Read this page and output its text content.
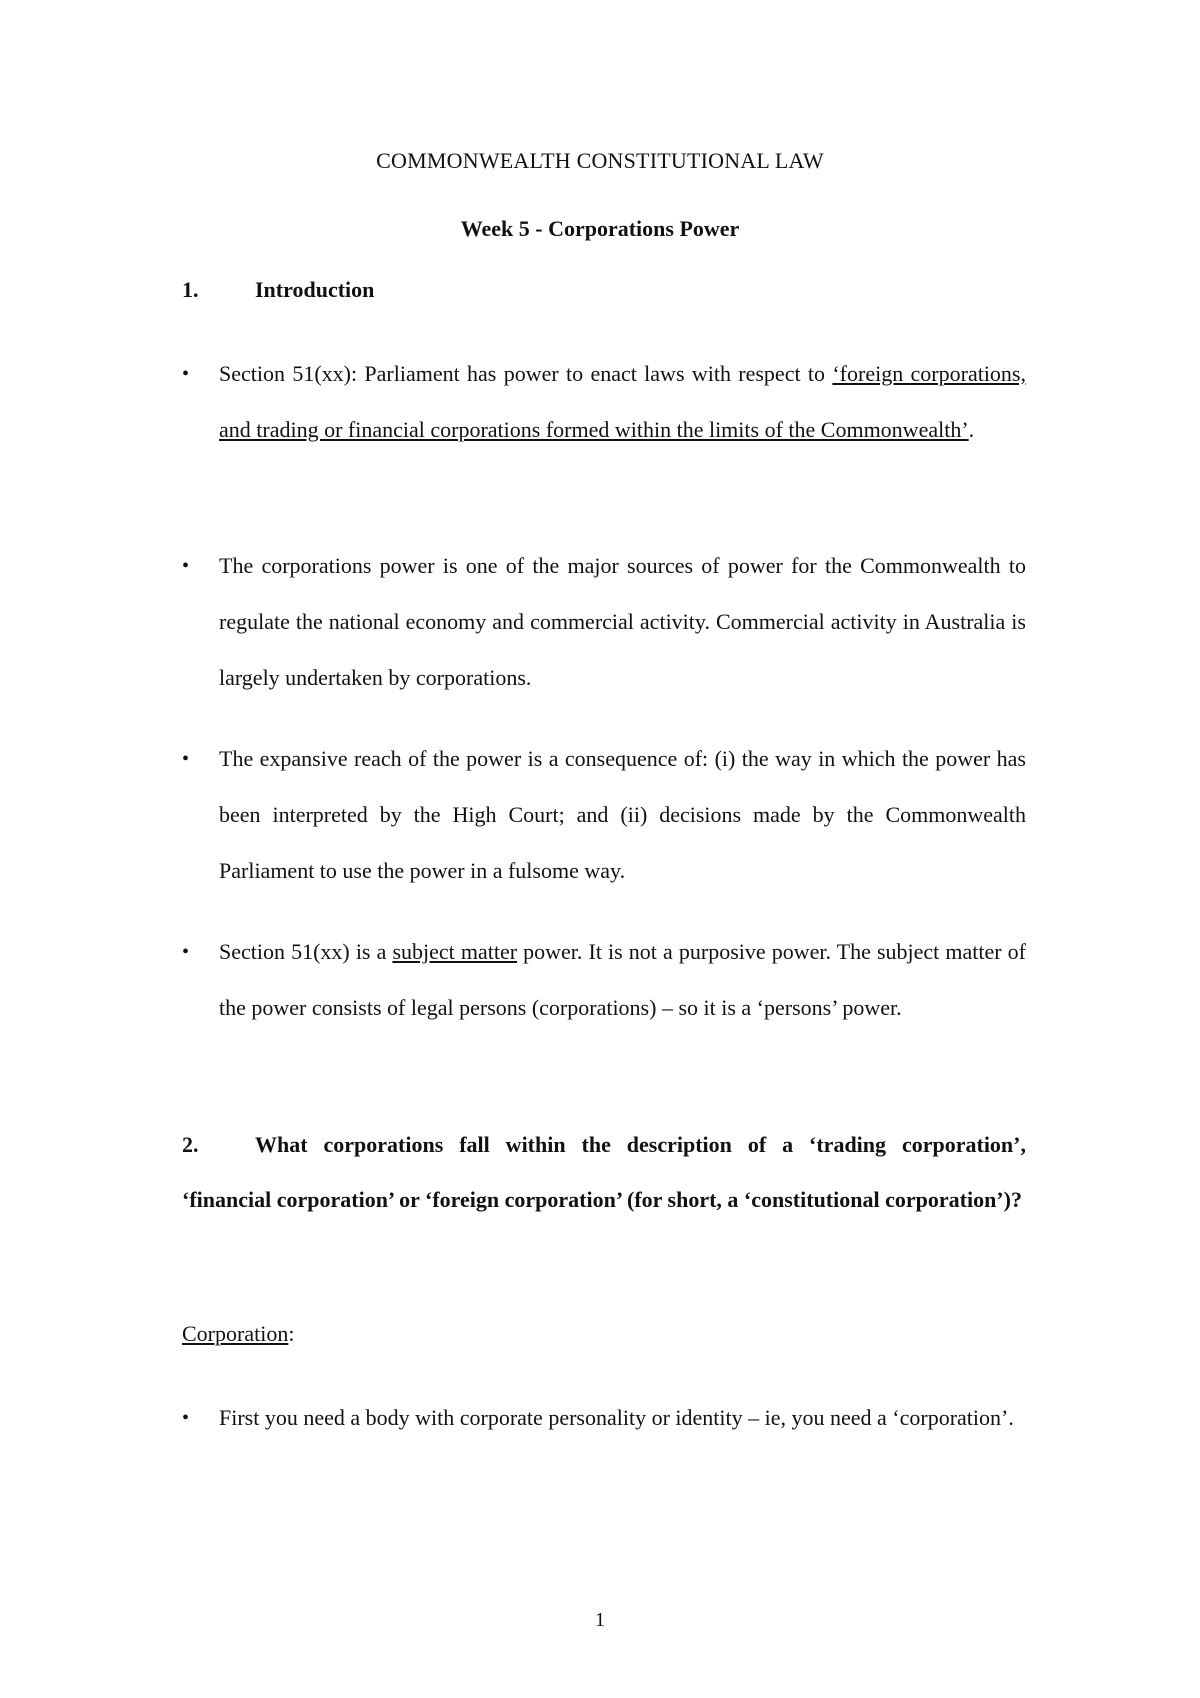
COMMONWEALTH CONSTITUTIONAL LAW
Week 5 - Corporations Power
1.	Introduction
• Section 51(xx): Parliament has power to enact laws with respect to ‘foreign corporations, and trading or financial corporations formed within the limits of the Commonwealth’.
• The corporations power is one of the major sources of power for the Commonwealth to regulate the national economy and commercial activity. Commercial activity in Australia is largely undertaken by corporations.
• The expansive reach of the power is a consequence of: (i) the way in which the power has been interpreted by the High Court; and (ii) decisions made by the Commonwealth Parliament to use the power in a fulsome way.
• Section 51(xx) is a subject matter power. It is not a purposive power. The subject matter of the power consists of legal persons (corporations) – so it is a ‘persons’ power.
2.	What corporations fall within the description of a ‘trading corporation’, ‘financial corporation’ or ‘foreign corporation’ (for short, a ‘constitutional corporation’)?
Corporation:
• First you need a body with corporate personality or identity – ie, you need a ‘corporation’.
1
